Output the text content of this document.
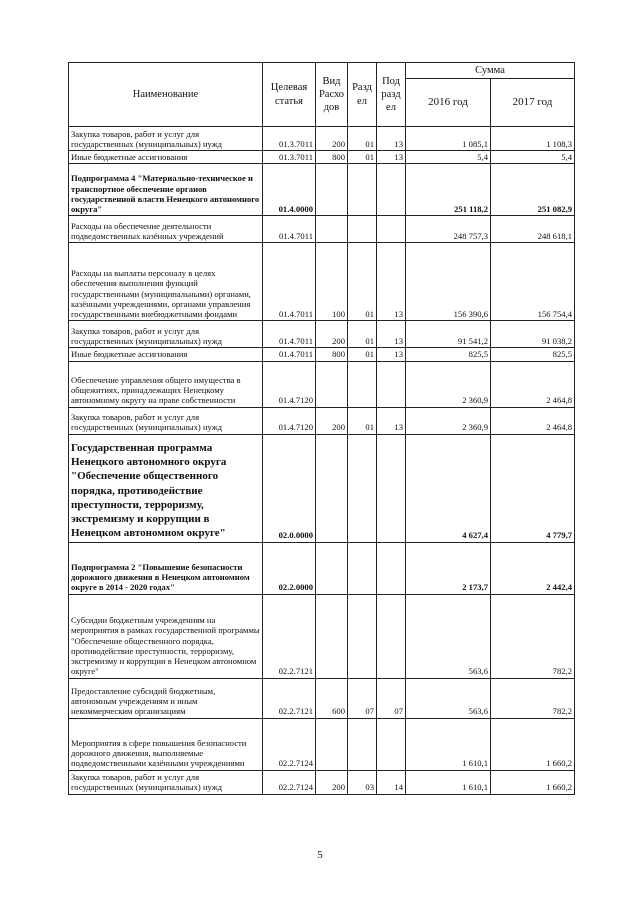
Наименование	Целевая статья	Вид Расхо дов	Разд ел	Под разд ел	Сумма	
					2016 год	2017 год
Закупка товаров, работ и услуг для государственных (муниципальных) нужд	01.3.7011	200	01	13	1 085,1	1 108,3
Иные бюджетные ассигнования	01.3.7011	800	01	13	5,4	5,4
Подпрограмма 4 "Материально-техническое и транспортное обеспечение органов государственной власти Ненецкого автономного округа"	01.4.0000				251 118,2	251 082,9
Расходы на обеспечение деятельности подведомственных казённых учреждений	01.4.7011				248 757,3	248 618,1
Расходы на выплаты персоналу в целях обеспечения выполнения функций государственными (муниципальными) органами, казёнными учреждениями, органами управления государственными внебюджетными фондами	01.4.7011	100	01	13	156 390,6	156 754,4
Закупка товаров, работ и услуг для государственных (муниципальных) нужд	01.4.7011	200	01	13	91 541,2	91 038,2
Иные бюджетные ассигнования	01.4.7011	800	01	13	825,5	825,5
Обеспечение управления общего имущества в общежитиях, принадлежащих Ненецкому автономному округу на праве собственности	01.4.7120				2 360,9	2 464,8
Закупка товаров, работ и услуг для государственных (муниципальных) нужд	01.4.7120	200	01	13	2 360,9	2 464,8
Государственная программа Ненецкого автономного округа "Обеспечение общественного порядка, противодействие преступности, терроризму, экстремизму и коррупции в Ненецком автономном округе"	02.0.0000				4 627,4	4 779,7
Подпрограмма 2 "Повышение безопасности дорожного движения в Ненецком автономном округе в 2014 - 2020 годах"	02.2.0000				2 173,7	2 442,4
Субсидии бюджетным учреждениям на мероприятия в рамках государственной программы "Обеспечение общественного порядка, противодействие преступности, терроризму, экстремизму и коррупции в Ненецком автономном округе"	02.2.7121				563,6	782,2
Предоставление субсидий бюджетным, автономным учреждениям и иным некоммерческим организациям	02.2.7121	600	07	07	563,6	782,2
Мероприятия в сфере повышения безопасности дорожного движения, выполняемые подведомственными казёнными учреждениями	02.2.7124				1 610,1	1 660,2
Закупка товаров, работ и услуг для государственных (муниципальных) нужд	02.2.7124	200	03	14	1 610,1	1 660,2
5
